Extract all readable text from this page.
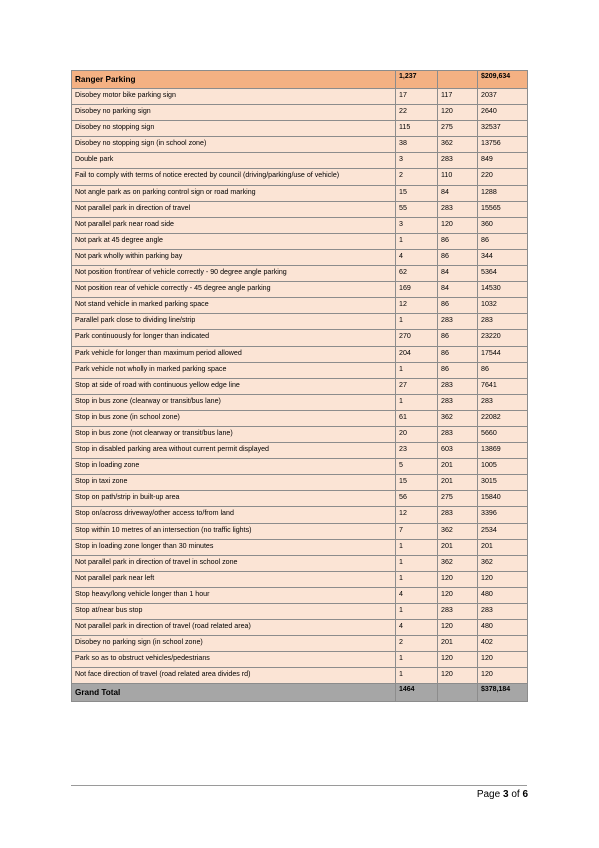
Ranger Parking	1,237		$209,634
Disobey motor bike parking sign	17	117	2037
Disobey no parking sign	22	120	2640
Disobey no stopping sign	115	275	32537
Disobey no stopping sign (in school zone)	38	362	13756
Double park	3	283	849
Fail to comply with terms of notice erected by council (driving/parking/use of vehicle)	2	110	220
Not angle park as on parking control sign or road marking	15	84	1288
Not parallel park in direction of travel	55	283	15565
Not parallel park near road side	3	120	360
Not park at 45 degree angle	1	86	86
Not park wholly within parking bay	4	86	344
Not position front/rear of vehicle correctly - 90 degree angle parking	62	84	5364
Not position rear of vehicle correctly - 45 degree angle parking	169	84	14530
Not stand vehicle in marked parking space	12	86	1032
Parallel park close to dividing line/strip	1	283	283
Park continuously for longer than indicated	270	86	23220
Park vehicle for longer than maximum period allowed	204	86	17544
Park vehicle not wholly in marked parking space	1	86	86
Stop at side of road with continuous yellow edge line	27	283	7641
Stop in bus zone (clearway or transit/bus lane)	1	283	283
Stop in bus zone (in school zone)	61	362	22082
Stop in bus zone (not clearway or transit/bus lane)	20	283	5660
Stop in disabled parking area without current permit displayed	23	603	13869
Stop in loading zone	5	201	1005
Stop in taxi zone	15	201	3015
Stop on path/strip in built-up area	56	275	15840
Stop on/across driveway/other access to/from land	12	283	3396
Stop within 10 metres of an intersection (no traffic lights)	7	362	2534
Stop in loading zone longer than 30 minutes	1	201	201
Not parallel park in direction of travel in school zone	1	362	362
Not parallel park near left	1	120	120
Stop heavy/long vehicle longer than 1 hour	4	120	480
Stop at/near bus stop	1	283	283
Not parallel park in direction of travel (road related area)	4	120	480
Disobey no parking sign (in school zone)	2	201	402
Park so as to obstruct vehicles/pedestrians	1	120	120
Not face direction of travel (road related area divides rd)	1	120	120
Grand Total	1464		$378,184
Page 3 of 6
